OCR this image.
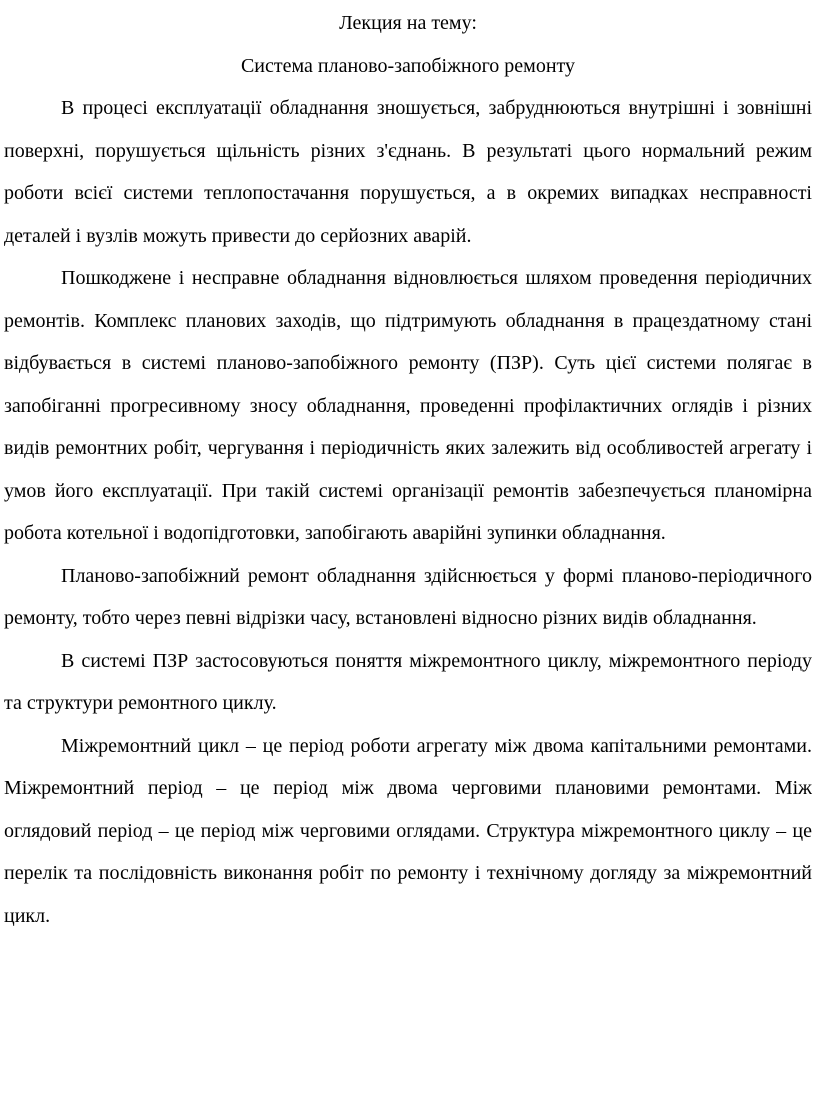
Лекция на тему:

Система планово-запобіжного ремонту

В процесі експлуатації обладнання зношується, забруднюються внутрішні і зовнішні поверхні, порушується щільність різних з'єднань. В результаті цього нормальний режим роботи всієї системи теплопостачання порушується, а в окремих випадках несправності деталей і вузлів можуть привести до серйозних аварій.

Пошкоджене і несправне обладнання відновлюється шляхом проведення періодичних ремонтів. Комплекс планових заходів, що підтримують обладнання в працездатному стані відбувається в системі планово-запобіжного ремонту (ПЗР). Суть цієї системи полягає в запобіганні прогресивному зносу обладнання, проведенні профілактичних оглядів і різних видів ремонтних робіт, чергування і періодичність яких залежить від особливостей агрегату і умов його експлуатації. При такій системі організації ремонтів забезпечується планомірна робота котельної і водопідготовки, запобігають аварійні зупинки обладнання.

Планово-запобіжний ремонт обладнання здійснюється у формі планово-періодичного ремонту, тобто через певні відрізки часу, встановлені відносно різних видів обладнання.

В системі ПЗР застосовуються поняття міжремонтного циклу, міжремонтного періоду та структури ремонтного циклу.

Міжремонтний цикл – це період роботи агрегату між двома капітальними ремонтами. Міжремонтний період – це період між двома черговими плановими ремонтами. Між оглядовий період – це період між черговими оглядами. Структура міжремонтного циклу – це перелік та послідовність виконання робіт по ремонту і технічному догляду за міжремонтний цикл.
